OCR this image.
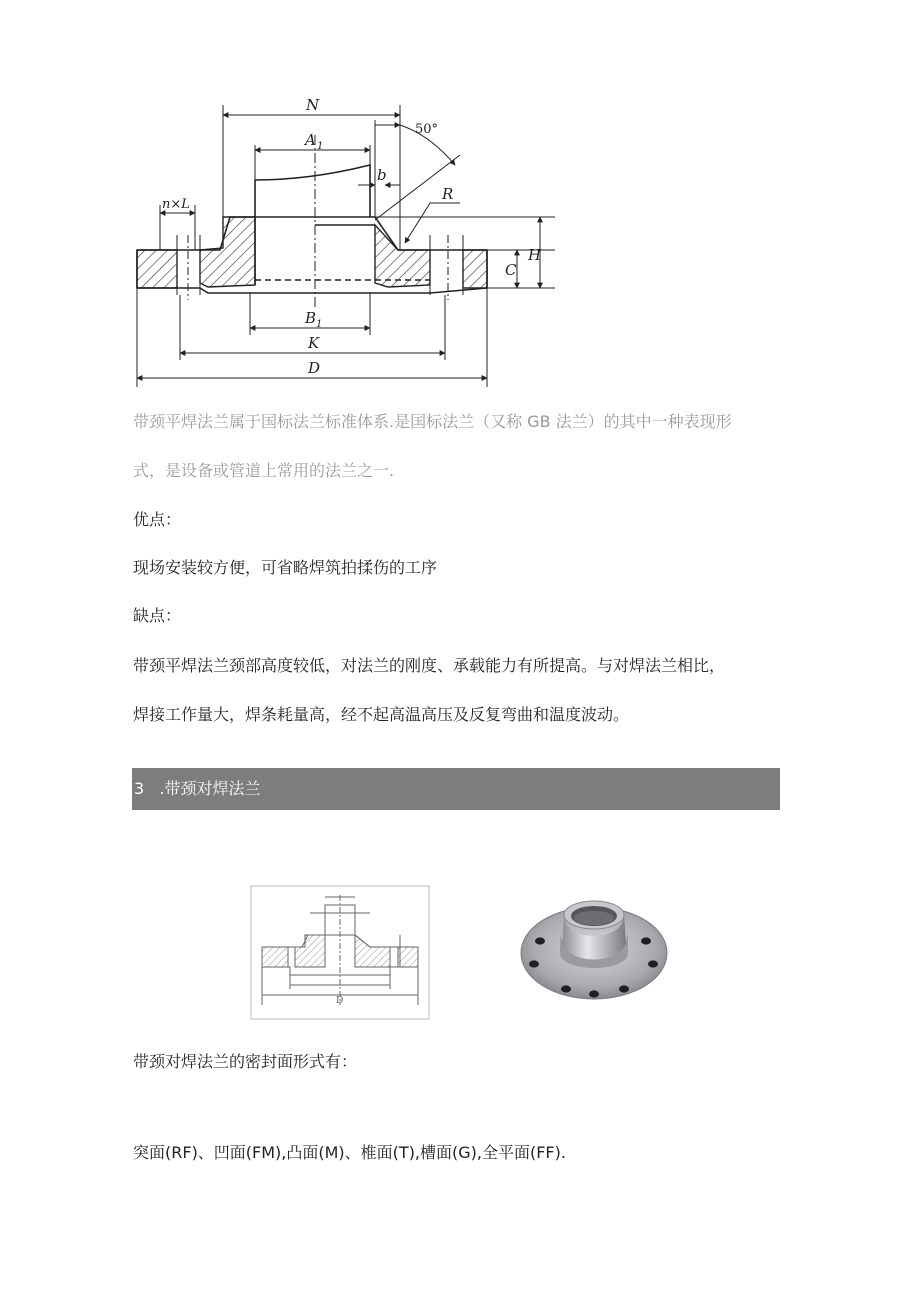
N
A 1
50°
b
n×L
R
C
H
B 1
K
D
带颈平焊法兰属于国标法兰标准体系.是国标法兰（又称 GB 法兰）的其中一种表现形
式，是设备或管道上常用的法兰之一.
优点：
现场安装较方便，可省略焊筑拍揉伤的工序
缺点：
带颈平焊法兰颈部高度较低，对法兰的刚度、承载能力有所提高。与对焊法兰相比，
焊接工作量大，焊条耗量高，经不起高温高压及反复弯曲和温度波动。
3   .带颈对焊法兰
D
带颈对焊法兰的密封面形式有：
突面(RF)、凹面(FM),凸面(M)、椎面(T),槽面(G),全平面(FF).
